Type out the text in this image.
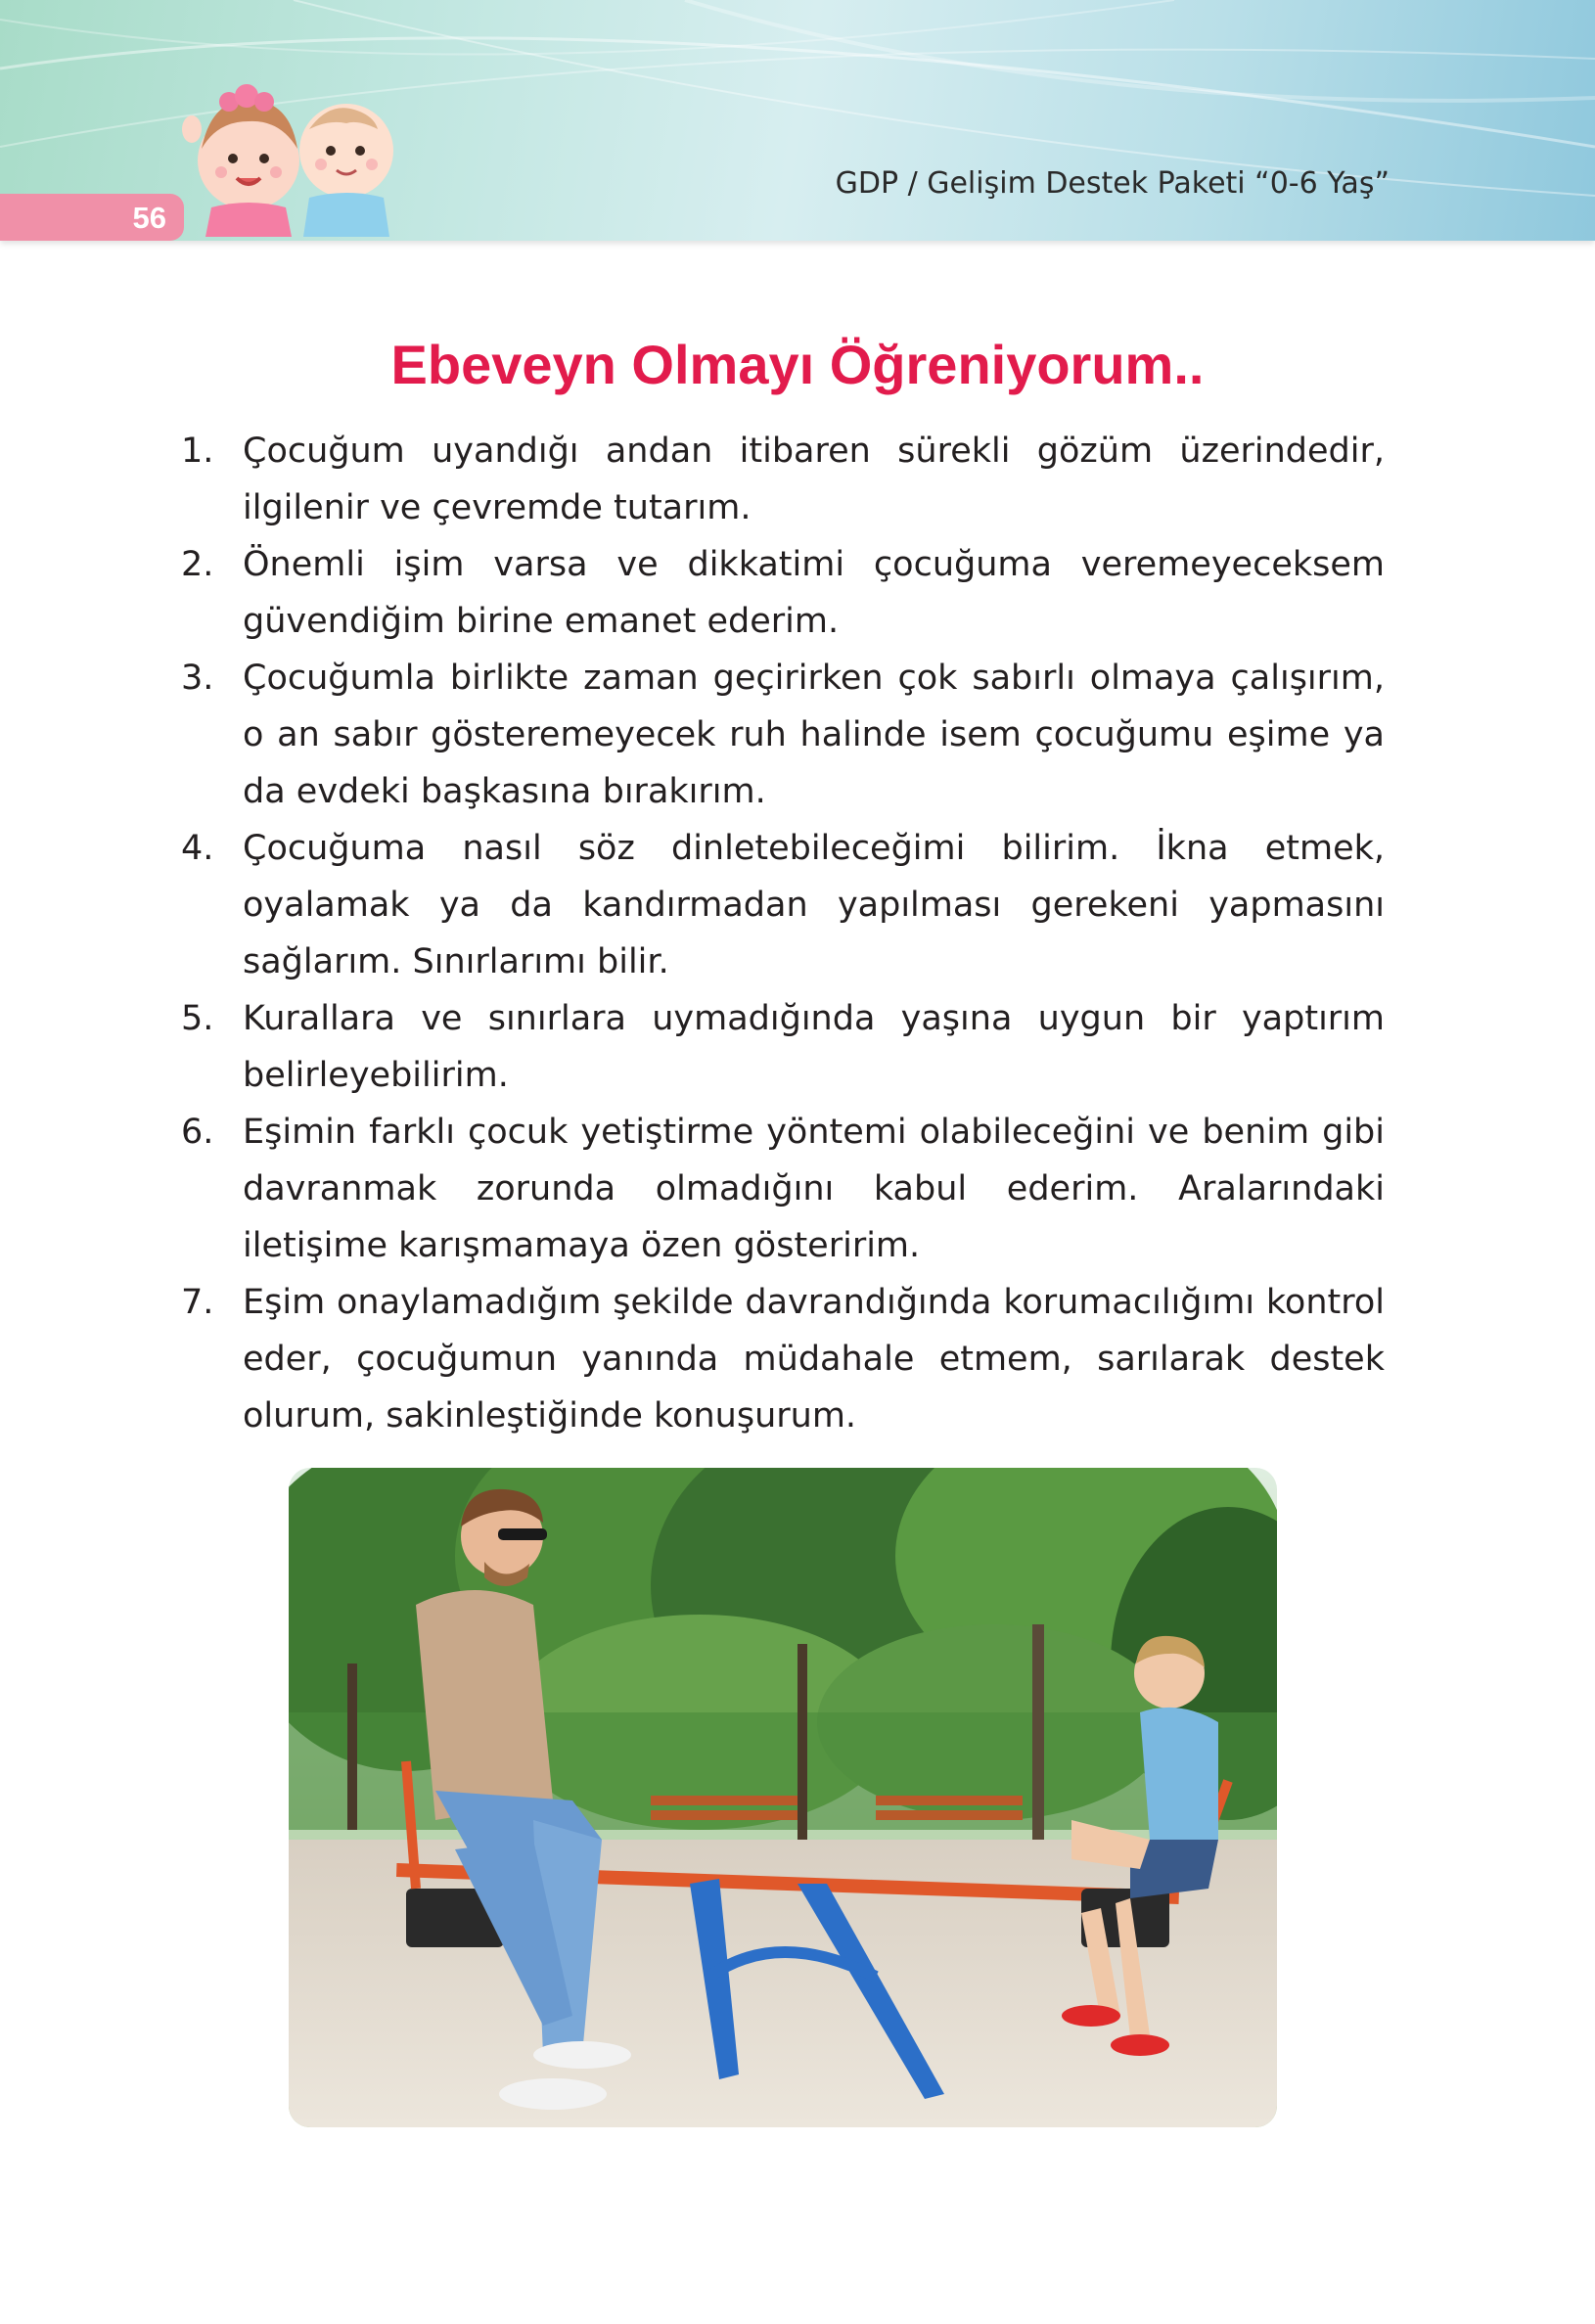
GDP / Gelişim Destek Paketi “0-6 Yaş”
56
Ebeveyn Olmayı Öğreniyorum..
1. Çocuğum uyandığı andan itibaren sürekli gözüm üzerindedir, ilgilenir ve çevremde tutarım.
2. Önemli işim varsa ve dikkatimi çocuğuma veremeyeceksem güvendiğim birine emanet ederim.
3. Çocuğumla birlikte zaman geçirirken çok sabırlı olmaya çalışırım, o an sabır gösteremeyecek ruh halinde isem çocuğumu eşime ya da evdeki başkasına bırakırım.
4. Çocuğuma nasıl söz dinletebileceğimi bilirim. İkna etmek, oyalamak ya da kandırmadan yapılması gerekeni yapmasını sağlarım. Sınırlarımı bilir.
5. Kurallara ve sınırlara uymadığında yaşına uygun bir yaptırım belirleyebilirim.
6. Eşimin farklı çocuk yetiştirme yöntemi olabileceğini ve benim gibi davranmak zorunda olmadığını kabul ederim. Aralarındaki iletişime karışmamaya özen gösteririm.
7. Eşim onaylamadığım şekilde davrandığında korumacılığımı kontrol eder, çocuğumun yanında müdahale etmem, sarılarak destek olurum, sakinleştiğinde konuşurum.
